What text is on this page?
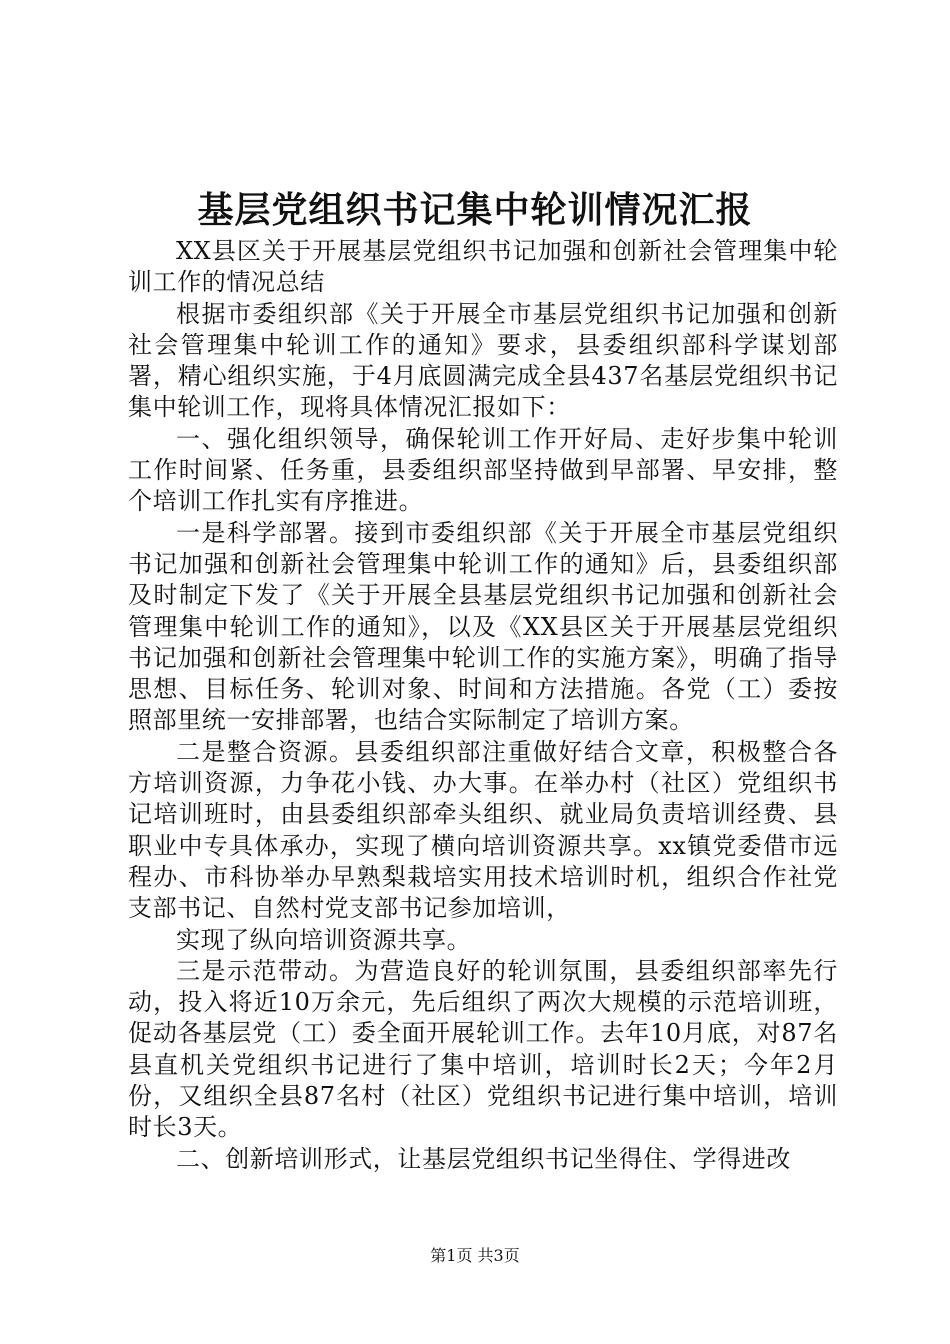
基层党组织书记集中轮训情况汇报

XX县区关于开展基层党组织书记加强和创新社会管理集中轮训工作的情况总结

根据市委组织部《关于开展全市基层党组织书记加强和创新社会管理集中轮训工作的通知》要求，县委组织部科学谋划部署，精心组织实施，于4月底圆满完成全县437名基层党组织书记集中轮训工作，现将具体情况汇报如下：

一、强化组织领导，确保轮训工作开好局、走好步集中轮训工作时间紧、任务重，县委组织部坚持做到早部署、早安排，整个培训工作扎实有序推进。

一是科学部署。接到市委组织部《关于开展全市基层党组织书记加强和创新社会管理集中轮训工作的通知》后，县委组织部及时制定下发了《关于开展全县基层党组织书记加强和创新社会管理集中轮训工作的通知》，以及《XX县区关于开展基层党组织书记加强和创新社会管理集中轮训工作的实施方案》，明确了指导思想、目标任务、轮训对象、时间和方法措施。各党（工）委按照部里统一安排部署，也结合实际制定了培训方案。

二是整合资源。县委组织部注重做好结合文章，积极整合各方培训资源，力争花小钱、办大事。在举办村（社区）党组织书记培训班时，由县委组织部牵头组织、就业局负责培训经费、县职业中专具体承办，实现了横向培训资源共享。xx镇党委借市远程办、市科协举办早熟梨栽培实用技术培训时机，组织合作社党支部书记、自然村党支部书记参加培训，

实现了纵向培训资源共享。

三是示范带动。为营造良好的轮训氛围，县委组织部率先行动，投入将近10万余元，先后组织了两次大规模的示范培训班，促动各基层党（工）委全面开展轮训工作。去年10月底，对87名县直机关党组织书记进行了集中培训，培训时长2天；今年2月份，又组织全县87名村（社区）党组织书记进行集中培训，培训时长3天。

二、创新培训形式，让基层党组织书记坐得住、学得进改

第1页 共3页
